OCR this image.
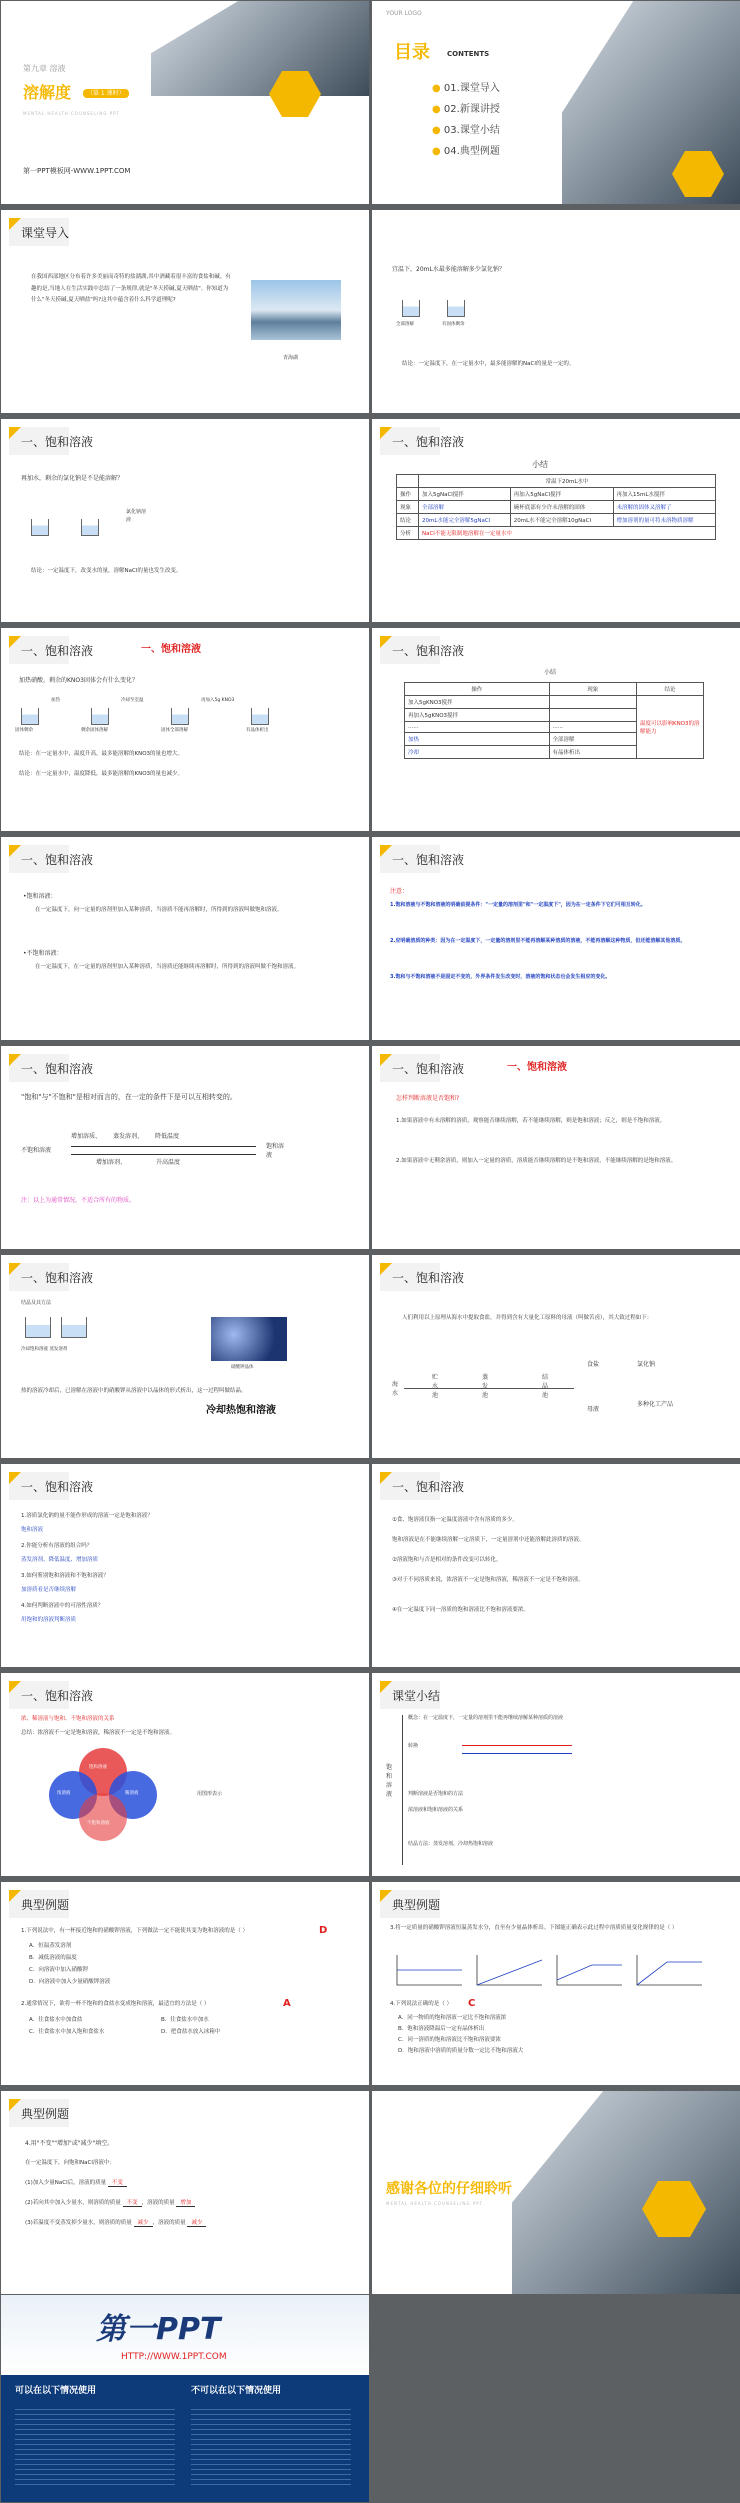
第九章 溶液
溶解度	（第 1 课时）
MENTAL HEALTH COUNSELING PPT
第一PPT模板网-WWW.1PPT.COM
YOUR LOGO
目录 CONTENTS
● 01.课堂导入
● 02.新课讲授
● 03.课堂小结
● 04.典型例题
课堂导入
在我国西部地区分布着许多美丽而奇特的盐湖湖,其中酒藏着很丰富的食盐和碱。有趣的是,当地人在生活实践中总结了一条规律,就是"冬天捞碱,夏天晒盐"。你知道为什么"冬天捞碱,夏天晒盐"吗?这其中蕴含着什么科学道理呢?
青海湖
宜温下，20mL水最多能溶解多少氯化钠？
全部溶解	有固体剩余
结论：一定温度下，在一定量水中，最多能溶解的NaCl的量是一定的。
一、饱和溶液
再加水，剩余的氯化钠是不是能溶解？
氯化钠溶液
结论：一定温度下，改变水的量，溶解NaCl的量也发生改变。
一、饱和溶液
小结
	常温下20mL水中		
操作	加入5gNaCl搅拌	再加入5gNaCl搅拌	再加入15mL水搅拌
现象	全部溶解	碗杯底部有少许未溶解的固体	未溶解的固体又溶解了
结论	20mL水能完全溶解5gNaCl	20mL水不能完全溶解10gNaCl	增加溶剂的量可将未溶物质溶解
分析	NaCl不能无限制地溶解在一定量水中		
一、饱和溶液	一、饱和溶液
加热硝酸，剩余的KNO3固体会有什么变化？
加热	冷却至室温	再加入5g KNO3
固体剩余	剩余固体溶解	固体全部溶解	有晶体析出
结论：在一定量水中，温度升高，最多能溶解的KNO3的量也增大。
结论：在一定量水中，温度降低，最多能溶解的KNO3的量也减少。
一、饱和溶液
小结
操作	现象	结论
加入5gKNO3搅拌		温度可以影响KNO3的溶解能力
再加入5gKNO3搅拌		
......	......	
加热	全部溶解	
冷却	有晶体析出	
一、饱和溶液
•饱和溶液：
在一定温度下，向一定量的溶剂里加入某种溶质，当溶质不能再溶解时，所得到的溶液叫做饱和溶液。
•不饱和溶液：
在一定温度下，在一定量的溶剂里加入某种溶质，当溶质还能继续再溶解时，所得到的溶液叫做不饱和溶液。
一、饱和溶液
注意：
1.饱和溶液与不饱和溶液的明确前提条件："一定量的溶剂里"和"一定温度下"，因为在一定条件下它们可相互转化。
2.应明确溶质的种类：因为在一定温度下，一定量的溶剂里不能再溶解某种溶质的溶液，不能再溶解这种物质，但还能溶解其他溶质。
3.饱和与不饱和溶液不是固定不变的，外界条件发生改变时，溶液的饱和状态也会发生相应的变化。
一、饱和溶液
"饱和"与"不饱和"是相对而言的，在一定的条件下是可以互相转变的。
不饱和溶液
饱和溶液
增加溶质、 蒸发溶剂、 降低温度
增加溶剂、	升高温度
注：以上为通常情况，不适合所有的物质。
一、饱和溶液	一、饱和溶液
怎样判断溶液是否饱和?
1.如果溶液中有未溶解的溶质，观察能否继续溶解，若不能继续溶解，则是饱和溶液；反之，则是不饱和溶液。
2.如果溶液中无剩余溶质，则加入一定量的溶质，溶质能否继续溶解的是不饱和溶液，不能继续溶解的是饱和溶液。
一、饱和溶液
结晶及其方法
冷却饱和溶液 蒸发溶剂
硝酸钾晶体
热的溶液冷却后，已溶解在溶液中的硝酸钾从溶液中以晶体的形式析出，这一过程叫做结晶。
冷却热饱和溶液
一、饱和溶液
人们利用以上原理从海水中提取食盐，并得到含有大量化工原料的母液（叫做苦卤），其大致过程如下：
海水
贮水池
蒸发池
结晶池
食盐	氯化钠
母液
多种化工产品
一、饱和溶液
1.溶质氯化钠的量不能作形成的溶液一定是饱和溶液？
饱和溶液
2.你能分析有溶液的组合吗？
蒸发溶剂、降低温度、增加溶质
3.如何鉴别饱和溶液和不饱和溶液？
加溶质看是否继续溶解
4.如何判断溶液中的可溶性溶质？
用饱和的溶液判断溶质
一、饱和溶液
①食、饱溶液仅指一定温度溶液中含有溶质的多少。
饱和溶液是在不能继续溶解一定溶质下，一定量溶剂中还能溶解此溶质的溶液。
②溶液饱和与否是相对的条件改变可以转化。
③对于不同溶质来说，浓溶液不一定是饱和溶液，稀溶液不一定是不饱和溶液。
④在一定温度下同一溶质的饱和溶液比不饱和溶液要浓。
一、饱和溶液
浓、稀溶液与饱和、不饱和溶液的关系
总结：浓溶液不一定是饱和溶液，稀溶液不一定是不饱和溶液。
饱和溶液
浓溶液	稀溶液
不饱和溶液
用图形表示
课堂小结
饱和溶液
概念：在一定温度下，一定量的溶剂里不能再继续溶解某种溶质的溶液
转换
判断溶液是否饱和的方法
浓溶液和饱和溶液的关系
结晶方法：蒸发溶剂、冷却热饱和溶液
典型例题
1.下列说法中，有一杯接近饱和的硝酸钾溶液，下列做法一定不能使其变为饱和溶液的是（ ）	D
A．恒温蒸发溶剂
B．减低溶液的温度
C．向溶液中加入硝酸钾
D．向溶液中加入少量硝酸钾溶液
2.通常情况下，欲将一杯不饱和的食盐水变成饱和溶液，最适宜的方法是（ ）	A
A．往食盐水中加食盐	B．往食盐水中加水
C．往食盐水中加入饱和食盐水	D．把食盐水放入冰箱中
典型例题
3.将一定质量的硝酸钾溶液恒温蒸发水分，直至有少量晶体析出。下图能正确表示此过程中溶质质量变化规律的是（ ）
4.下列说法正确的是（ ） C
A．同一物质的饱和溶液一定比不饱和溶液浓
B．饱和溶液降温后一定有晶体析出
C．同一溶质的饱和溶液比不饱和溶液要浓
D．饱和溶液中溶质的质量分数一定比不饱和溶液大
典型例题
4.用"不变""增加"或"减少"填空。
在一定温度下，向饱和NaCl溶液中：
(1)加入少量NaCl后，溶液的质量 不变
(2)若向其中加入少量水，则溶质的质量 不变 ，溶液的质量 增加
(3)若温度不变蒸发掉少量水，则溶质的质量 减少 ，溶液的质量 减少
感谢各位的仔细聆听
MENTAL HEALTH COUNSELING PPT
第一PPT
HTTP://WWW.1PPT.COM
可以在以下情况使用	不可以在以下情况使用
